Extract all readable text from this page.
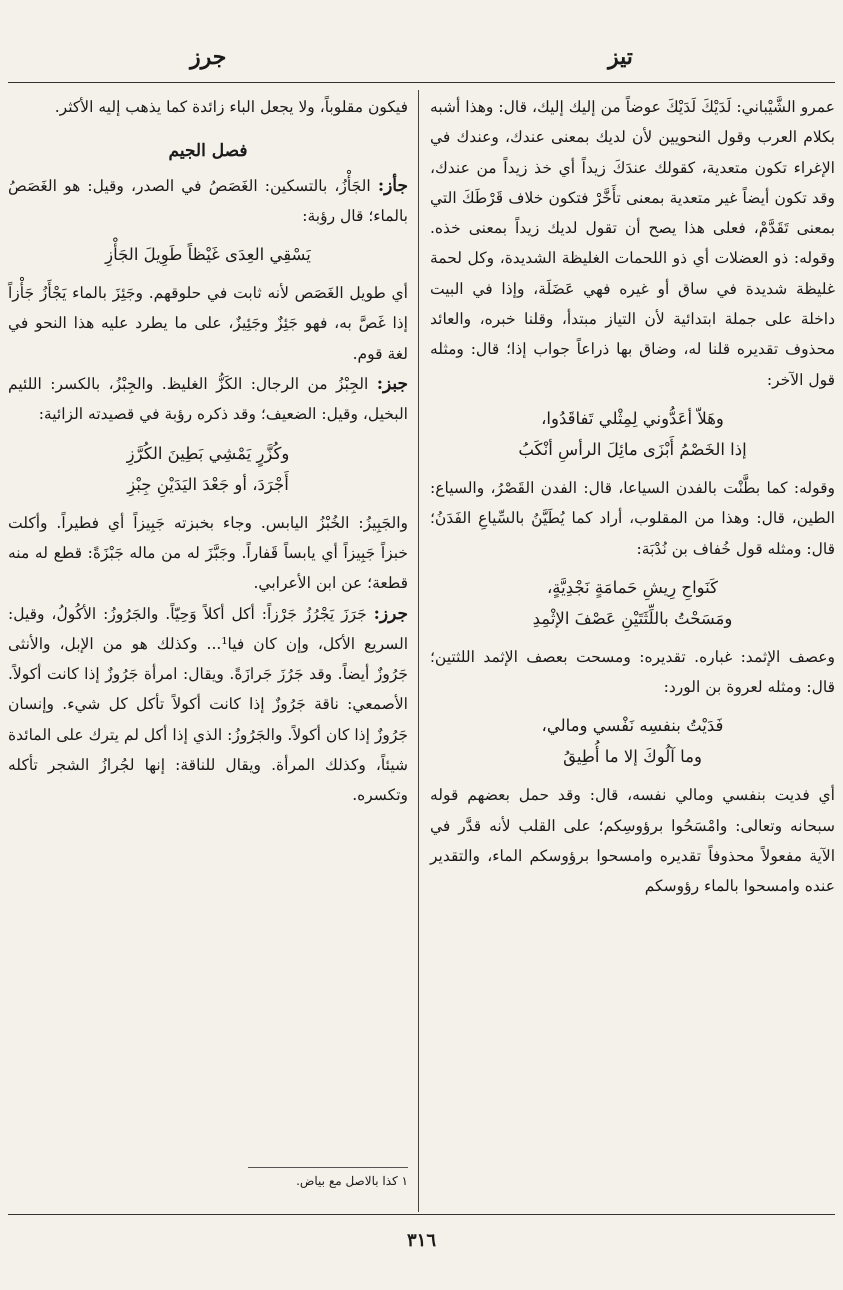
تيز
جرز

عمرو الشَّيْباني: لَدَيْكَ لَدَيْكَ عوضاً من إليك إليك، قال: وهذا أشبه بكلام العرب وقول النحويين لأن لديك بمعنى عندك، وعندك في الإغراء تكون متعدية، كقولك عندَكَ زيداً أي خذ زيداً من عندك، وقد تكون أيضاً غير متعدية بمعنى تأَخَّرْ فتكون خلاف قَرْطَكَ التي بمعنى تَقَدَّمْ، فعلى هذا يصح أن تقول لديك زيداً بمعنى خذه. وقوله: ذو العضلات أي ذو اللحمات الغليظة الشديدة، وكل لحمة غليظة شديدة في ساق أو غيره فهي عَضَلَة، وإذا في البيت داخلة على جملة ابتدائية لأن التياز مبتدأ، وقلنا خبره، والعائد محذوف تقديره قلنا له، وضاق بها ذراعاً جواب إذا؛ قال: ومثله قول الآخر:

وهَلاّ أعَدُّوني لِمِثْلي تَفاقَدُوا،
إذا الخَصْمُ أَبْزَى مائِلَ الرأسِ أنْكَبُ

وقوله: كما بطَّنْت بالفدن السياعا، قال: الفدن القَصْرُ، والسياع: الطين، قال: وهذا من المقلوب، أراد كما يُطَيَّنُ بالسِّياعِ الفَدَنُ؛ قال: ومثله قول خُفاف بن نُدْبَة:

كَنَواحِ رِيشِ حَمامَةٍ نَجْدِيَّةٍ،
ومَسَحْتُ باللِّثَتَيْنِ عَصْفَ الإثْمِدِ

وعصف الإثمد: غباره. تقديره: ومسحت بعصف الإثمد اللثتين؛ قال: ومثله لعروة بن الورد:

فَدَيْتُ بنفسِه نَفْسي ومالي،
وما آلُوكَ إلا ما أُطِيقُ

أي فديت بنفسي ومالي نفسه، قال: وقد حمل بعضهم قوله سبحانه وتعالى: وامْسَحُوا برؤوسِكم؛ على القلب لأنه قدَّر في الآية مفعولاً محذوفاً تقديره وامسحوا برؤوسكم الماء، والتقدير عنده وامسحوا بالماء رؤوسكم

فيكون مقلوباً، ولا يجعل الباء زائدة كما يذهب إليه الأكثر.

فصل الجيم

جأز: الجَأْزُ، بالتسكين: الغَصَصُ في الصدر، وقيل: هو الغَصَصُ بالماء؛ قال رؤبة:

يَسْقِي العِدَى غَيْظاً طَوِيلَ الجَأْزِ

أي طويل الغَصَص لأنه ثابت في حلوقهم. وجَئِزَ بالماء يَجْأَزُ جَأْزاً إذا غَصَّ به، فهو جَئِزٌ وجَئِيزٌ، على ما يطرد عليه هذا النحو في لغة قوم.

جبز: الجِبْزُ من الرجال: الكَزُّ الغليظ. والجِبْزُ، بالكسر: اللئيم البخيل، وقيل: الضعيف؛ وقد ذكره رؤبة في قصيدته الزائية:

وكُزَّرٍ يَمْشِي بَطِينَ الكُرَّزِ
أَجْرَدَ، أو جَعْدَ اليَدَيْنِ جِبْزِ

والجَبِيزُ: الخُبْزُ اليابس. وجاء بخبزته جَبِيزاً أي فطيراً. وأكلت خبزاً جَبِيزاً أي يابساً قَفاراً. وجَبَّزَ له من ماله جَبْزَةً: قطع له منه قطعة؛ عن ابن الأعرابي.

جرز: جَرَزَ يَجْرُزُ جَرْزاً: أكل أكلاً وَحِيّاً. والجَرُوزُ: الأكُولُ، وقيل: السريع الأكل، وإن كان فيا¹... وكذلك هو من الإبل، والأنثى جَرُوزٌ أيضاً. وقد جَرُزَ جَرازَةً. ويقال: امرأة جَرُوزٌ إذا كانت أكولاً. الأصمعي: ناقة جَرُوزٌ إذا كانت أكولاً تأكل كل شيء. وإنسان جَرُوزٌ إذا كان أكولاً. والجَرُوزُ: الذي إذا أكل لم يترك على المائدة شيئاً، وكذلك المرأة. ويقال للناقة: إنها لجُرازُ الشجر تأكله وتكسره.

١ كذا بالاصل مع بياض.
٣١٦
